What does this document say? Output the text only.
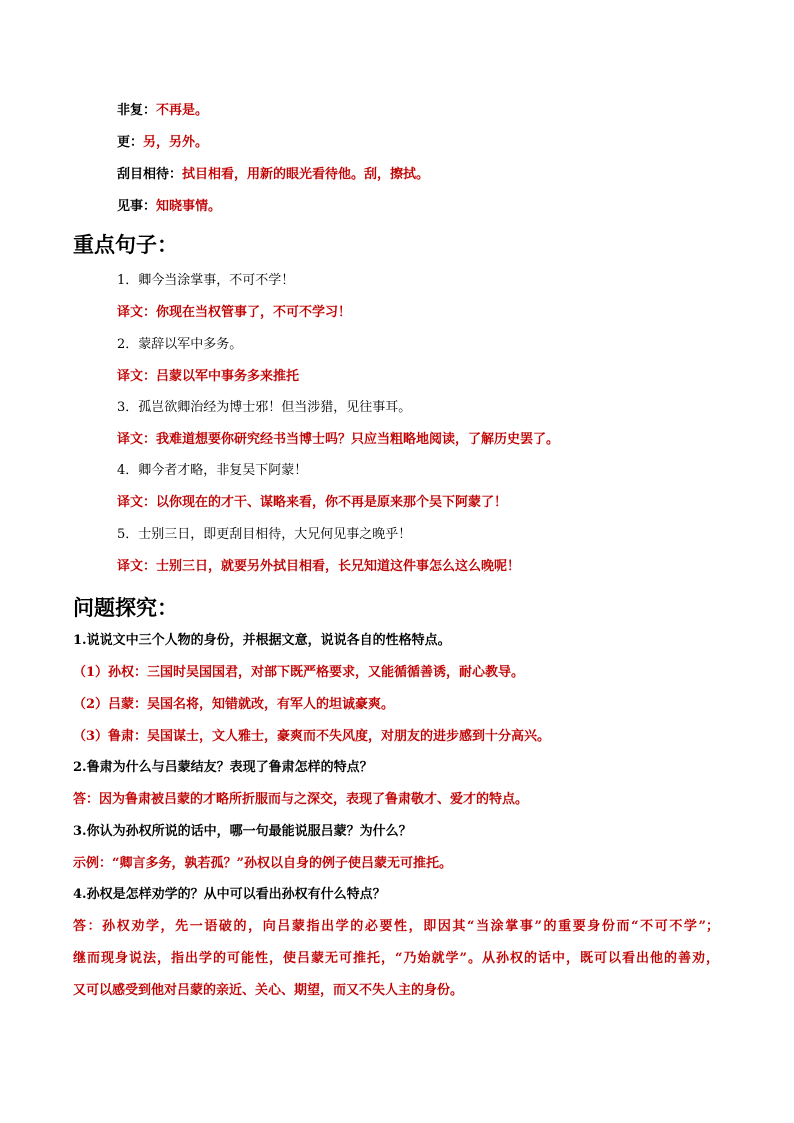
非复：不再是。
更：另，另外。
刮目相待：拭目相看，用新的眼光看待他。刮，擦拭。
见事：知晓事情。
重点句子：
1．卿今当涂掌事，不可不学！
译文：你现在当权管事了，不可不学习！
2．蒙辞以军中多务。
译文：吕蒙以军中事务多来推托
3．孤岂欲卿治经为博士邪！但当涉猎，见往事耳。
译文：我难道想要你研究经书当博士吗？只应当粗略地阅读，了解历史罢了。
4．卿今者才略，非复吴下阿蒙！
译文：以你现在的才干、谋略来看，你不再是原来那个吴下阿蒙了！
5．士别三日，即更刮目相待，大兄何见事之晚乎！
译文：士别三日，就要另外拭目相看，长兄知道这件事怎么这么晚呢！
问题探究：
1.说说文中三个人物的身份，并根据文意，说说各自的性格特点。
（1）孙权：三国时吴国国君，对部下既严格要求，又能循循善诱，耐心教导。
（2）吕蒙：吴国名将，知错就改，有军人的坦诚豪爽。
（3）鲁肃：吴国谋士，文人雅士，豪爽而不失风度，对朋友的进步感到十分高兴。
2.鲁肃为什么与吕蒙结友？表现了鲁肃怎样的特点？
答：因为鲁肃被吕蒙的才略所折服而与之深交，表现了鲁肃敬才、爱才的特点。
3.你认为孙权所说的话中，哪一句最能说服吕蒙？为什么？
示例：“卿言多务，孰若孤？”孙权以自身的例子使吕蒙无可推托。
4.孙权是怎样劝学的？从中可以看出孙权有什么特点？
答：孙权劝学，先一语破的，向吕蒙指出学的必要性，即因其“当涂掌事”的重要身份而“不可不学”；
继而现身说法，指出学的可能性，使吕蒙无可推托，“乃始就学”。从孙权的话中，既可以看出他的善劝，
又可以感受到他对吕蒙的亲近、关心、期望，而又不失人主的身份。
